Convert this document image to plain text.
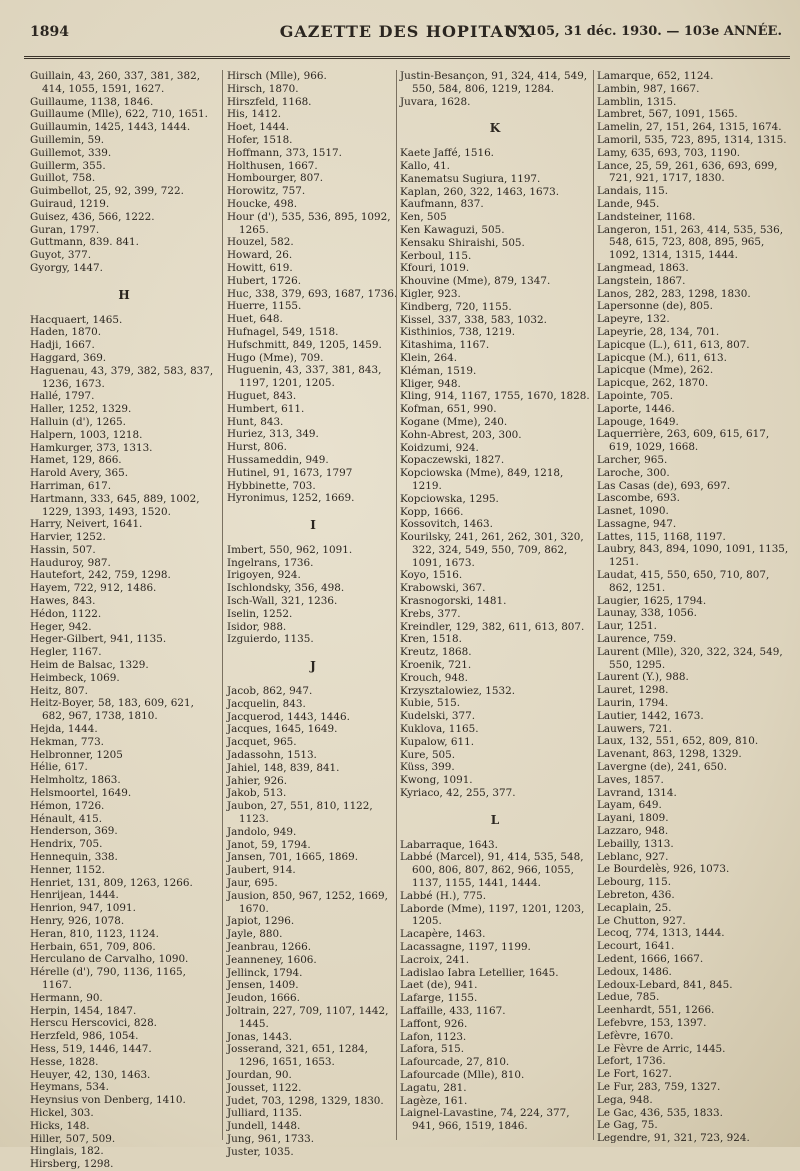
1894	GAZETTE DES HOPITAUX
N° 105, 31 déc. 1930. — 103e ANNÉE.

Guillain, 43, 260, 337, 381, 382, 414, 1055, 1591, 1627.

Guillaume, 1138, 1846.

Guillaume (Mlle), 622, 710, 1651.

Guillaumin, 1425, 1443, 1444.

Guillemin, 59.

Guillemot, 339.

Guillerm, 355.

Guillot, 758.

Guimbellot, 25, 92, 399, 722.

Guiraud, 1219.

Guisez, 436, 566, 1222.

Guran, 1797.

Guttmann, 839. 841.

Guyot, 377.

Gyorgy, 1447.

H

Hacquaert, 1465.

Haden, 1870.

Hadji, 1667.

Haggard, 369.

Haguenau, 43, 379, 382, 583, 837, 1236, 1673.

Hallé, 1797.

Haller, 1252, 1329.

Halluin (d'), 1265.

Halpern, 1003, 1218.

Hamkurger, 373, 1313.

Hamet, 129, 866.

Harold Avery, 365.

Harriman, 617.

Hartmann, 333, 645, 889, 1002, 1229, 1393, 1493, 1520.

Harry, Neivert, 1641.

Harvier, 1252.

Hassin, 507.

Hauduroy, 987.

Hautefort, 242, 759, 1298.

Hayem, 722, 912, 1486.

Hawes, 843.

Hédon, 1122.

Heger, 942.

Heger-Gilbert, 941, 1135.

Hegler, 1167.

Heim de Balsac, 1329.

Heimbeck, 1069.

Heitz, 807.

Heitz-Boyer, 58, 183, 609, 621, 682, 967, 1738, 1810.

Hejda, 1444.

Hekman, 773.

Helbronner, 1205

Hélie, 617.

Helmholtz, 1863.

Helsmoortel, 1649.

Hémon, 1726.

Hénault, 415.

Henderson, 369.

Hendrix, 705.

Hennequin, 338.

Henner, 1152.

Henriet, 131, 809, 1263, 1266.

Henrijean, 1444.

Henrion, 947, 1091.

Henry, 926, 1078.

Heran, 810, 1123, 1124.

Herbain, 651, 709, 806.

Herculano de Carvalho, 1090.

Hérelle (d'), 790, 1136, 1165, 1167.

Hermann, 90.

Herpin, 1454, 1847.

Herscu Herscovici, 828.

Herzfeld, 986, 1054.

Hess, 519, 1446, 1447.

Hesse, 1828.

Heuyer, 42, 130, 1463.

Heymans, 534.

Heynsius von Denberg, 1410.

Hickel, 303.

Hicks, 148.

Hiller, 507, 509.

Hinglais, 182.

Hirsberg, 1298.

Hirsch (Mlle), 966.

Hirsch, 1870.

Hirszfeld, 1168.

His, 1412.

Hoet, 1444.

Hofer, 1518.

Hoffmann, 373, 1517.

Holthusen, 1667.

Hombourger, 807.

Horowitz, 757.

Houcke, 498.

Hour (d'), 535, 536, 895, 1092, 1265.

Houzel, 582.

Howard, 26.

Howitt, 619.

Hubert, 1726.

Huc, 338, 379, 693, 1687, 1736.

Huerre, 1155.

Huet, 648.

Hufnagel, 549, 1518.

Hufschmitt, 849, 1205, 1459.

Hugo (Mme), 709.

Huguenin, 43, 337, 381, 843, 1197, 1201, 1205.

Huguet, 843.

Humbert, 611.

Hunt, 843.

Huriez, 313, 349.

Hurst, 806.

Hussameddin, 949.

Hutinel, 91, 1673, 1797

Hybbinette, 703.

Hyronimus, 1252, 1669.

I

Imbert, 550, 962, 1091.

Ingelrans, 1736.

Irigoyen, 924.

Ischlondsky, 356, 498.

Isch-Wall, 321, 1236.

Iselin, 1252.

Isidor, 988.

Izguierdo, 1135.

J

Jacob, 862, 947.

Jacquelin, 843.

Jacquerod, 1443, 1446.

Jacques, 1645, 1649.

Jacquet, 965.

Jadassohn, 1513.

Jahiel, 148, 839, 841.

Jahier, 926.

Jakob, 513.

Jaubon, 27, 551, 810, 1122, 1123.

Jandolo, 949.

Janot, 59, 1794.

Jansen, 701, 1665, 1869.

Jaubert, 914.

Jaur, 695.

Jausion, 850, 967, 1252, 1669, 1670.

Japiot, 1296.

Jayle, 880.

Jeanbrau, 1266.

Jeanneney, 1606.

Jellinck, 1794.

Jensen, 1409.

Jeudon, 1666.

Joltrain, 227, 709, 1107, 1442, 1445.

Jonas, 1443.

Josserand, 321, 651, 1284, 1296, 1651, 1653.

Jourdan, 90.

Jousset, 1122.

Judet, 703, 1298, 1329, 1830.

Julliard, 1135.

Jundell, 1448.

Jung, 961, 1733.

Juster, 1035.

Justin-Besançon, 91, 324, 414, 549, 550, 584, 806, 1219, 1284.

Juvara, 1628.

K

Kaete Jaffé, 1516.

Kallo, 41.

Kanematsu Sugiura, 1197.

Kaplan, 260, 322, 1463, 1673.

Kaufmann, 837.

Ken, 505

Ken Kawaguzi, 505.

Kensaku Shiraishi, 505.

Kerboul, 115.

Kfouri, 1019.

Khouvine (Mme), 879, 1347.

Kigler, 923.

Kindberg, 720, 1155.

Kissel, 337, 338, 583, 1032.

Kisthinios, 738, 1219.

Kitashima, 1167.

Klein, 264.

Kléman, 1519.

Kliger, 948.

Kling, 914, 1167, 1755, 1670, 1828.

Kofman, 651, 990.

Kogane (Mme), 240.

Kohn-Abrest, 203, 300.

Koidzumi, 924.

Kopaczewski, 1827.

Kopciowska (Mme), 849, 1218, 1219.

Kopciowska, 1295.

Kopp, 1666.

Kossovitch, 1463.

Kourilsky, 241, 261, 262, 301, 320, 322, 324, 549, 550, 709, 862, 1091, 1673.

Koyo, 1516.

Krabowski, 367.

Krasnogorski, 1481.

Krebs, 377.

Kreindler, 129, 382, 611, 613, 807.

Kren, 1518.

Kreutz, 1868.

Kroenik, 721.

Krouch, 948.

Krzysztalowiez, 1532.

Kubie, 515.

Kudelski, 377.

Kuklova, 1165.

Kupalow, 611.

Kure, 505.

Küss, 399.

Kwong, 1091.

Kyriaco, 42, 255, 377.

L

Labarraque, 1643.

Labbé (Marcel), 91, 414, 535, 548, 600, 806, 807, 862, 966, 1055, 1137, 1155, 1441, 1444.

Labbé (H.), 775.

Laborde (Mme), 1197, 1201, 1203, 1205.

Lacapère, 1463.

Lacassagne, 1197, 1199.

Lacroix, 241.

Ladislao Iabra Letellier, 1645.

Laet (de), 941.

Lafarge, 1155.

Laffaille, 433, 1167.

Laffont, 926.

Lafon, 1123.

Lafora, 515.

Lafourcade, 27, 810.

Lafourcade (Mlle), 810.

Lagatu, 281.

Lagèze, 161.

Laignel-Lavastine, 74, 224, 377, 941, 966, 1519, 1846.

Lamarque, 652, 1124.

Lambin, 987, 1667.

Lamblin, 1315.

Lambret, 567, 1091, 1565.

Lamelin, 27, 151, 264, 1315, 1674.

Lamoril, 535, 723, 895, 1314, 1315.

Lamy, 635, 693, 703, 1190.

Lance, 25, 59, 261, 636, 693, 699, 721, 921, 1717, 1830.

Landais, 115.

Lande, 945.

Landsteiner, 1168.

Langeron, 151, 263, 414, 535, 536, 548, 615, 723, 808, 895, 965, 1092, 1314, 1315, 1444.

Langmead, 1863.

Langstein, 1867.

Lanos, 282, 283, 1298, 1830.

Lapersonne (de), 805.

Lapeyre, 132.

Lapeyrie, 28, 134, 701.

Lapicque (L.), 611, 613, 807.

Lapicque (M.), 611, 613.

Lapicque (Mme), 262.

Lapicque, 262, 1870.

Lapointe, 705.

Laporte, 1446.

Lapouge, 1649.

Laquerrière, 263, 609, 615, 617, 619, 1029, 1668.

Larcher, 965.

Laroche, 300.

Las Casas (de), 693, 697.

Lascombe, 693.

Lasnet, 1090.

Lassagne, 947.

Lattes, 115, 1168, 1197.

Laubry, 843, 894, 1090, 1091, 1135, 1251.

Laudat, 415, 550, 650, 710, 807, 862, 1251.

Laugier, 1625, 1794.

Launay, 338, 1056.

Laur, 1251.

Laurence, 759.

Laurent (Mlle), 320, 322, 324, 549, 550, 1295.

Laurent (Y.), 988.

Lauret, 1298.

Laurin, 1794.

Lautier, 1442, 1673.

Lauwers, 721.

Laux, 132, 551, 652, 809, 810.

Lavenant, 863, 1298, 1329.

Lavergne (de), 241, 650.

Laves, 1857.

Lavrand, 1314.

Layam, 649.

Layani, 1809.

Lazzaro, 948.

Lebailly, 1313.

Leblanc, 927.

Le Bourdelès, 926, 1073.

Lebourg, 115.

Lebreton, 436.

Lecaplain, 25.

Le Chutton, 927.

Lecoq, 774, 1313, 1444.

Lecourt, 1641.

Ledent, 1666, 1667.

Ledoux, 1486.

Ledoux-Lebard, 841, 845.

Ledue, 785.

Leenhardt, 551, 1266.

Lefebvre, 153, 1397.

Lefèvre, 1670.

Le Fèvre de Arric, 1445.

Lefort, 1736.

Le Fort, 1627.

Le Fur, 283, 759, 1327.

Lega, 948.

Le Gac, 436, 535, 1833.

Le Gag, 75.

Legendre, 91, 321, 723, 924.
